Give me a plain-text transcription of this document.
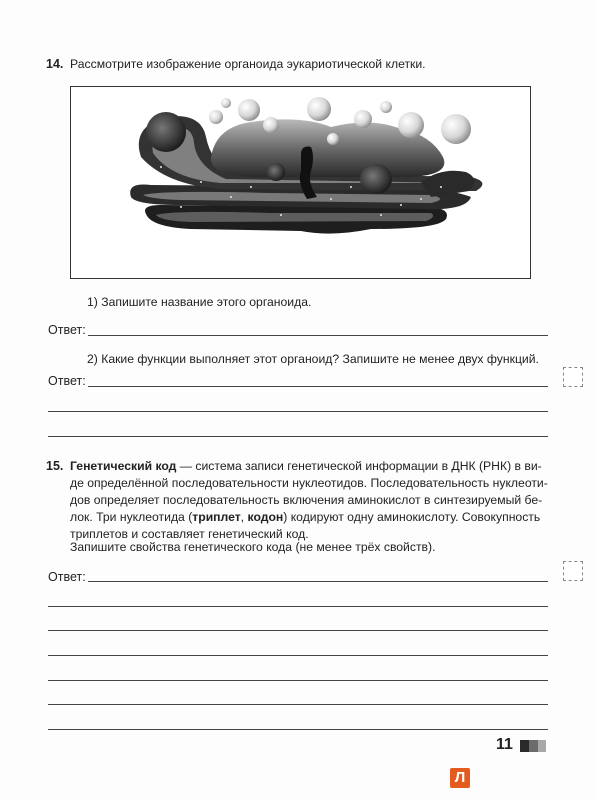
14. Рассмотрите изображение органоида эукариотической клетки.
1) Запишите название этого органоида.
Ответ:
2) Какие функции выполняет этот органоид? Запишите не менее двух функций.
Ответ:
15. Генетический код — система записи генетической информации в ДНК (РНК) в ви-
де определённой последовательности нуклеотидов. Последовательность нуклеоти-
дов определяет последовательность включения аминокислот в синтезируемый бе-
лок. Три нуклеотида (триплет, кодон) кодируют одну аминокислоту. Совокупность
триплетов и составляет генетический код.
Запишите свойства генетического кода (не менее трёх свойств).
Ответ:
11
Л
